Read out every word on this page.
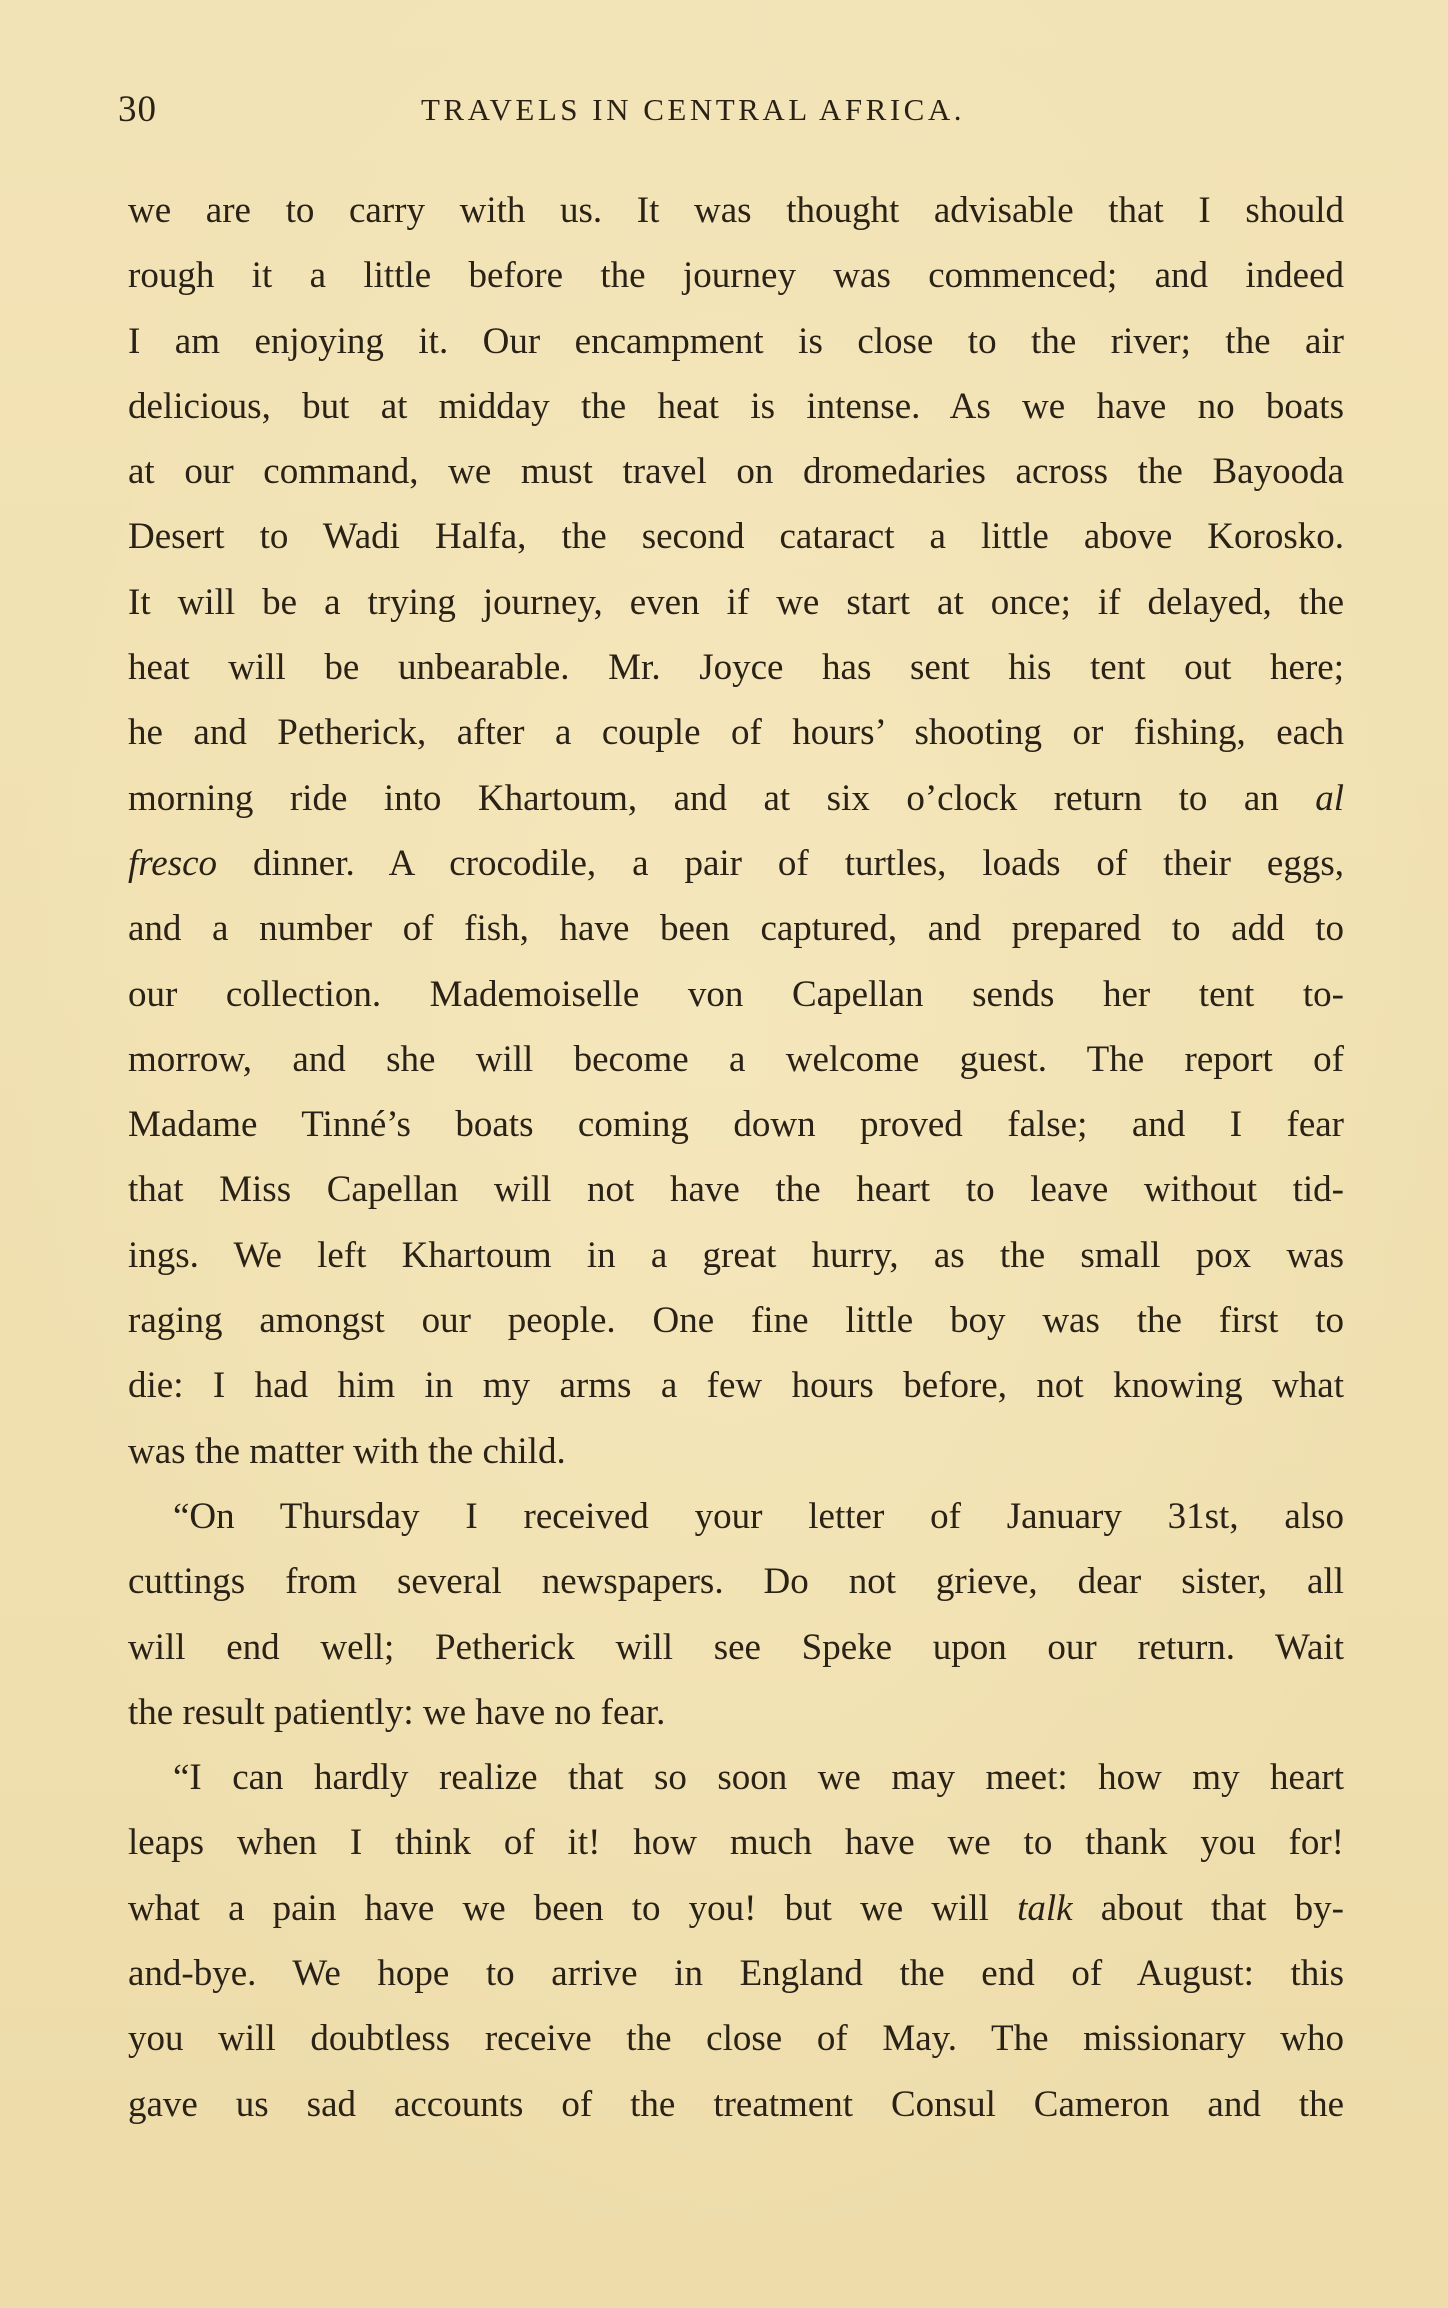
30	TRAVELS IN CENTRAL AFRICA.
we are to carry with us. It was thought advisable that I should
rough it a little before the journey was commenced; and indeed
I am enjoying it. Our encampment is close to the river; the air
delicious, but at midday the heat is intense. As we have no boats
at our command, we must travel on dromedaries across the Bayooda
Desert to Wadi Halfa, the second cataract a little above Korosko.
It will be a trying journey, even if we start at once; if delayed, the
heat will be unbearable. Mr. Joyce has sent his tent out here;
he and Petherick, after a couple of hours’ shooting or fishing, each
morning ride into Khartoum, and at six o’clock return to an al
fresco dinner. A crocodile, a pair of turtles, loads of their eggs,
and a number of fish, have been captured, and prepared to add to
our collection. Mademoiselle von Capellan sends her tent to-
morrow, and she will become a welcome guest. The report of
Madame Tinné’s boats coming down proved false; and I fear
that Miss Capellan will not have the heart to leave without tid-
ings. We left Khartoum in a great hurry, as the small pox was
raging amongst our people. One fine little boy was the first to
die: I had him in my arms a few hours before, not knowing what
was the matter with the child.
“On Thursday I received your letter of January 31st, also
cuttings from several newspapers. Do not grieve, dear sister, all
will end well; Petherick will see Speke upon our return. Wait
the result patiently: we have no fear.
“I can hardly realize that so soon we may meet: how my heart
leaps when I think of it! how much have we to thank you for!
what a pain have we been to you! but we will talk about that by-
and-bye. We hope to arrive in England the end of August: this
you will doubtless receive the close of May. The missionary who
gave us sad accounts of the treatment Consul Cameron and the
